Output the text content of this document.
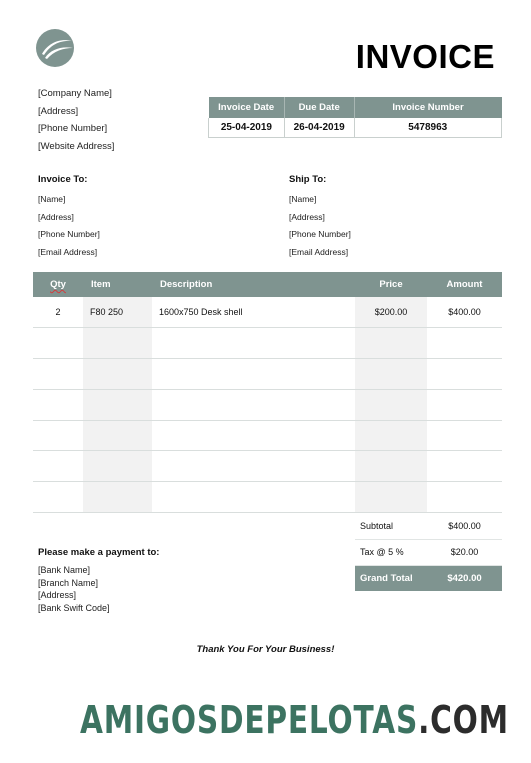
INVOICE
[Company Name]
[Address]
[Phone Number]
[Website Address]
Invoice Date	Due Date	Invoice Number
25-04-2019	26-04-2019	5478963
Invoice To:
[Name]
[Address]
[Phone Number]
[Email Address]
Ship To:
[Name]
[Address]
[Phone Number]
[Email Address]
Qty	Item	Description	Price	Amount
2	F80 250	1600x750 Desk shell	$200.00	$400.00

Subtotal	$400.00
Tax @ 5 %	$20.00
Grand Total	$420.00
Please make a payment to:
[Bank Name]
[Branch Name]
[Address]
[Bank Swift Code]
Thank You For Your Business!
AMIGOSDEPELOTAS.COM
